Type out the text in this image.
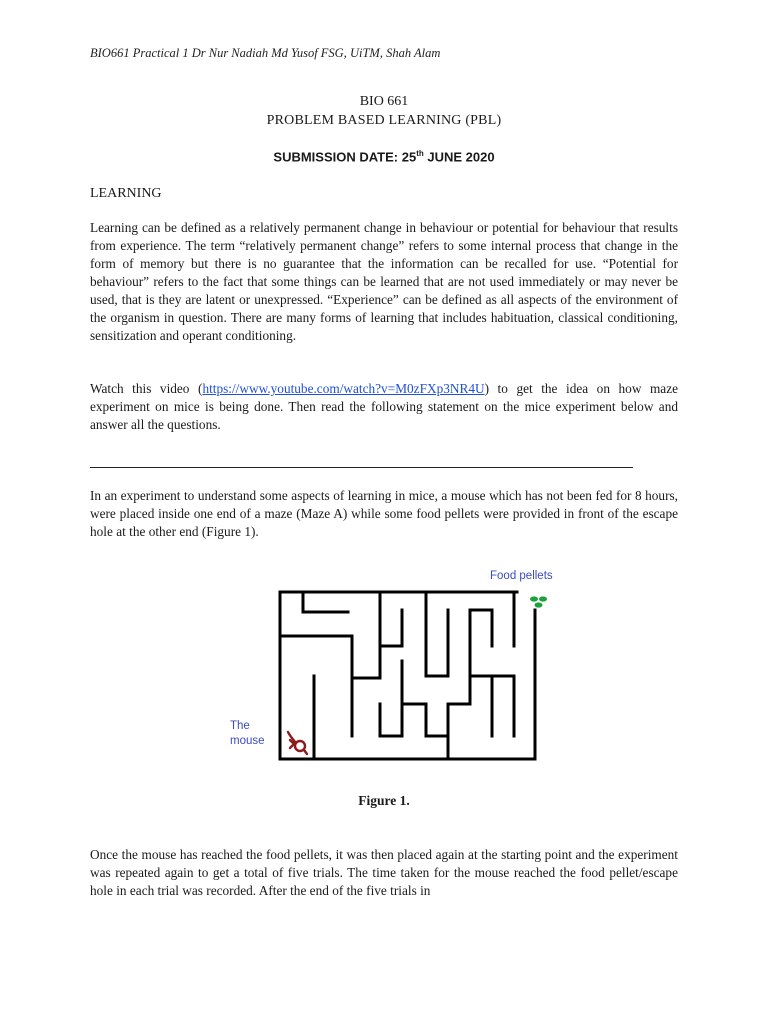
BIO661 Practical 1 Dr Nur Nadiah Md Yusof FSG, UiTM, Shah Alam
BIO 661
PROBLEM BASED LEARNING (PBL)
SUBMISSION DATE: 25th JUNE 2020
LEARNING

Learning can be defined as a relatively permanent change in behaviour or potential for behaviour that results from experience. The term “relatively permanent change” refers to some internal process that change in the form of memory but there is no guarantee that the information can be recalled for use. “Potential for behaviour” refers to the fact that some things can be learned that are not used immediately or may never be used, that is they are latent or unexpressed. “Experience” can be defined as all aspects of the environment of the organism in question. There are many forms of learning that includes habituation, classical conditioning, sensitization and operant conditioning.

Watch this video (https://www.youtube.com/watch?v=M0zFXp3NR4U) to get the idea on how maze experiment on mice is being done. Then read the following statement on the mice experiment below and answer all the questions.

In an experiment to understand some aspects of learning in mice, a mouse which has not been fed for 8 hours, were placed inside one end of a maze (Maze A) while some food pellets were provided in front of the escape hole at the other end (Figure 1).

Food pellets
The
mouse
Figure 1.

Once the mouse has reached the food pellets, it was then placed again at the starting point and the experiment was repeated again to get a total of five trials. The time taken for the mouse reached the food pellet/escape hole in each trial was recorded. After the end of the five trials in
